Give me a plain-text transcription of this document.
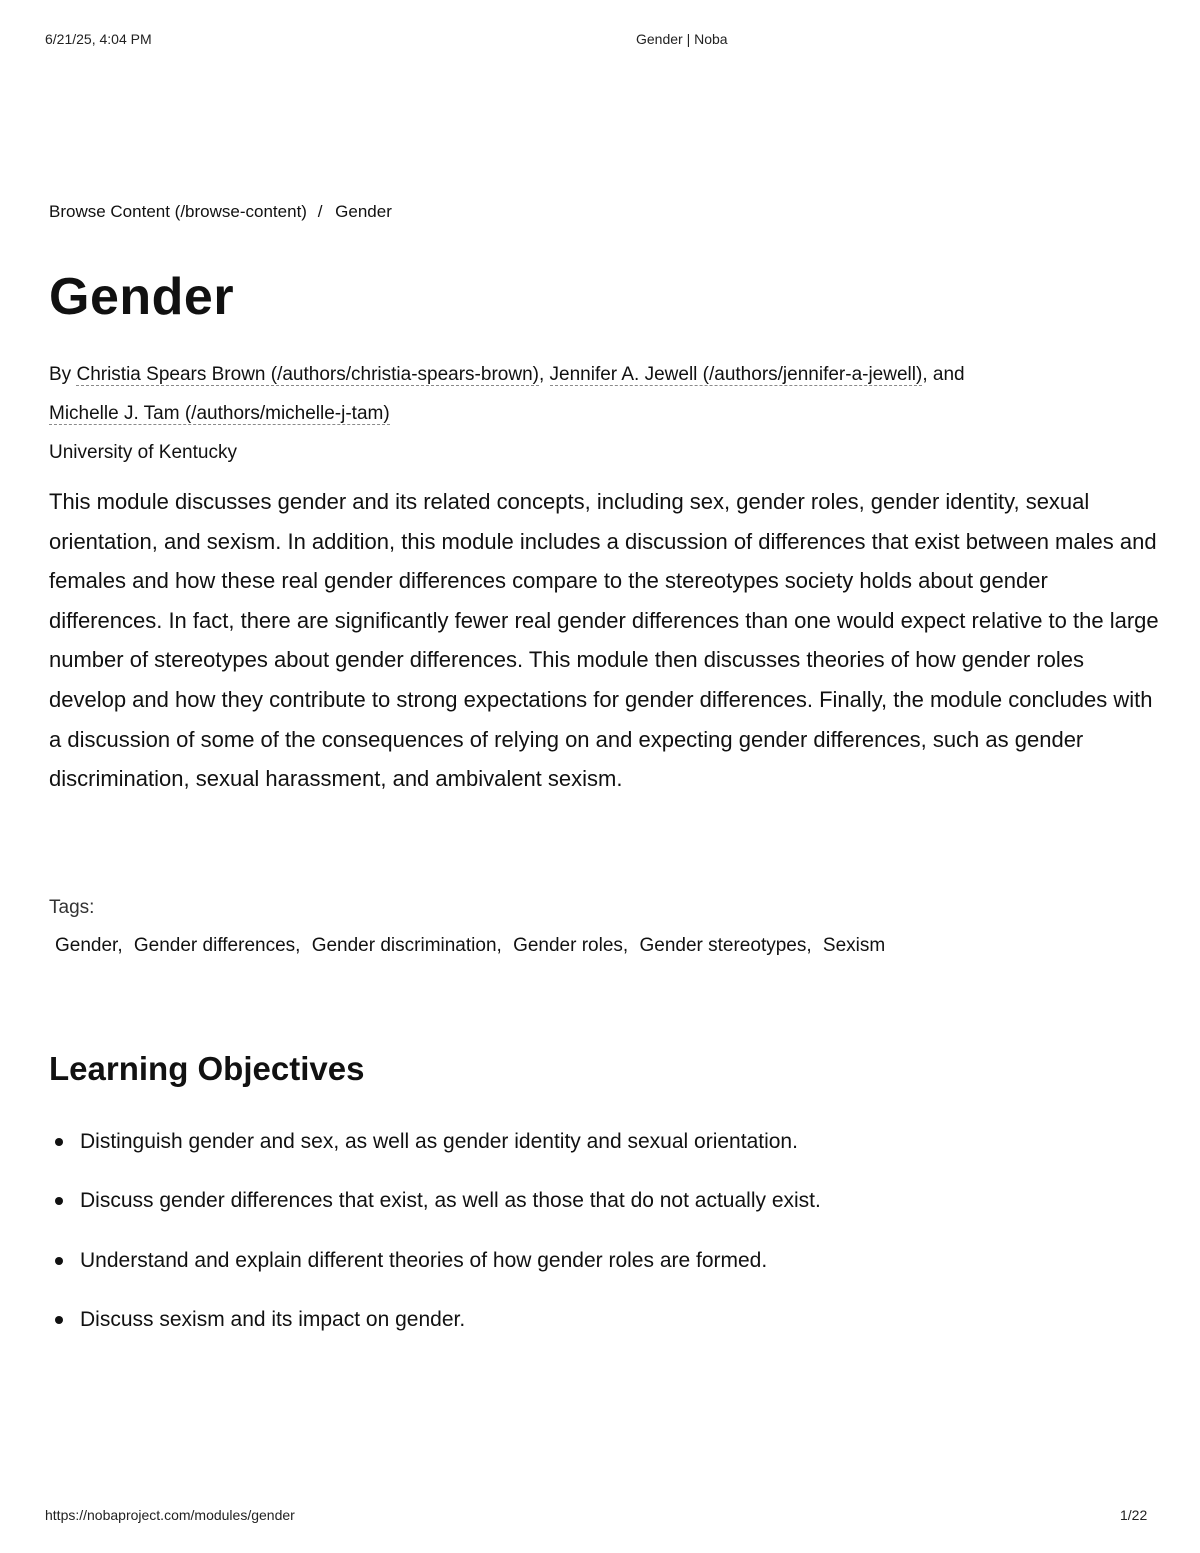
6/21/25, 4:04 PM	Gender | Noba
Browse Content (/browse-content) / Gender
Gender
By Christia Spears Brown (/authors/christia-spears-brown), Jennifer A. Jewell (/authors/jennifer-a-jewell), and
Michelle J. Tam (/authors/michelle-j-tam)
University of Kentucky

This module discusses gender and its related concepts, including sex, gender roles, gender identity, sexual orientation, and sexism. In addition, this module includes a discussion of differences that exist between males and females and how these real gender differences compare to the stereotypes society holds about gender differences. In fact, there are significantly fewer real gender differences than one would expect relative to the large number of stereotypes about gender differences. This module then discusses theories of how gender roles develop and how they contribute to strong expectations for gender differences. Finally, the module concludes with a discussion of some of the consequences of relying on and expecting gender differences, such as gender discrimination, sexual harassment, and ambivalent sexism.

Tags:
Gender, Gender differences, Gender discrimination, Gender roles, Gender stereotypes, Sexism
Learning Objectives
Distinguish gender and sex, as well as gender identity and sexual orientation.
Discuss gender differences that exist, as well as those that do not actually exist.
Understand and explain different theories of how gender roles are formed.
Discuss sexism and its impact on gender.
https://nobaproject.com/modules/gender	1/22
